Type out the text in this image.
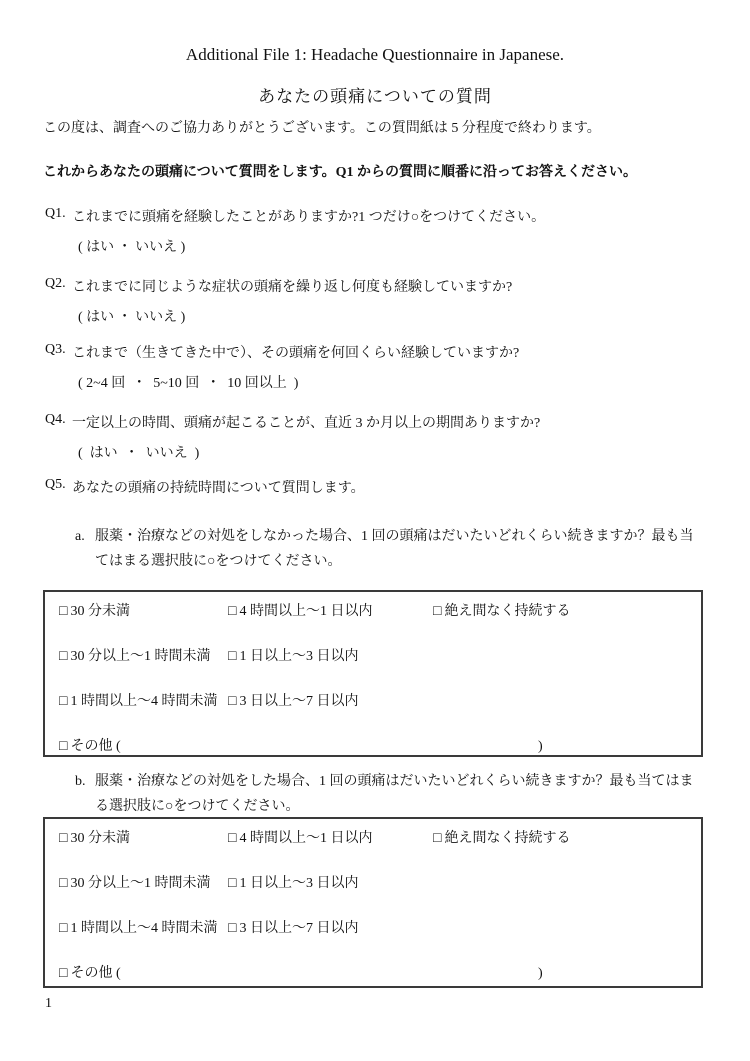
Additional File 1: Headache Questionnaire in Japanese.
あなたの頭痛についての質問
この度は、調査へのご協力ありがとうございます。この質問紙は 5 分程度で終わります。
これからあなたの頭痛について質問をします。Q1 からの質問に順番に沿ってお答えください。
Q1. これまでに頭痛を経験したことがありますか?1 つだけ○をつけてください。
( はい ・ いいえ )
Q2. これまでに同じような症状の頭痛を繰り返し何度も経験していますか?
( はい ・ いいえ )
Q3. これまで（生きてきた中で）、その頭痛を何回くらい経験していますか?
( 2~4 回  ・  5~10 回  ・  10 回以上  )
Q4. 一定以上の時間、頭痛が起こることが、直近 3 か月以上の期間ありますか?
(  はい  ・  いいえ  )
Q5. あなたの頭痛の持続時間について質問します。
a. 服薬・治療などの対処をしなかった場合、1 回の頭痛はだいたいどれくらい続きますか？最も当てはまる選択肢に○をつけてください。
□ 30 分未満	□ 4 時間以上～1 日以内	□ 絶え間なく持続する
□ 30 分以上～1 時間未満 □ 1 日以上～3 日以内
□ 1 時間以上～4 時間未満 □ 3 日以上～7 日以内
□ その他 (	)
b. 服薬・治療などの対処をした場合、1 回の頭痛はだいたいどれくらい続きますか？最も当てはまる選択肢に○をつけてください。
□ 30 分未満	□ 4 時間以上～1 日以内	□ 絶え間なく持続する
□ 30 分以上～1 時間未満 □ 1 日以上～3 日以内
□ 1 時間以上～4 時間未満 □ 3 日以上～7 日以内
□ その他 (	)
1
